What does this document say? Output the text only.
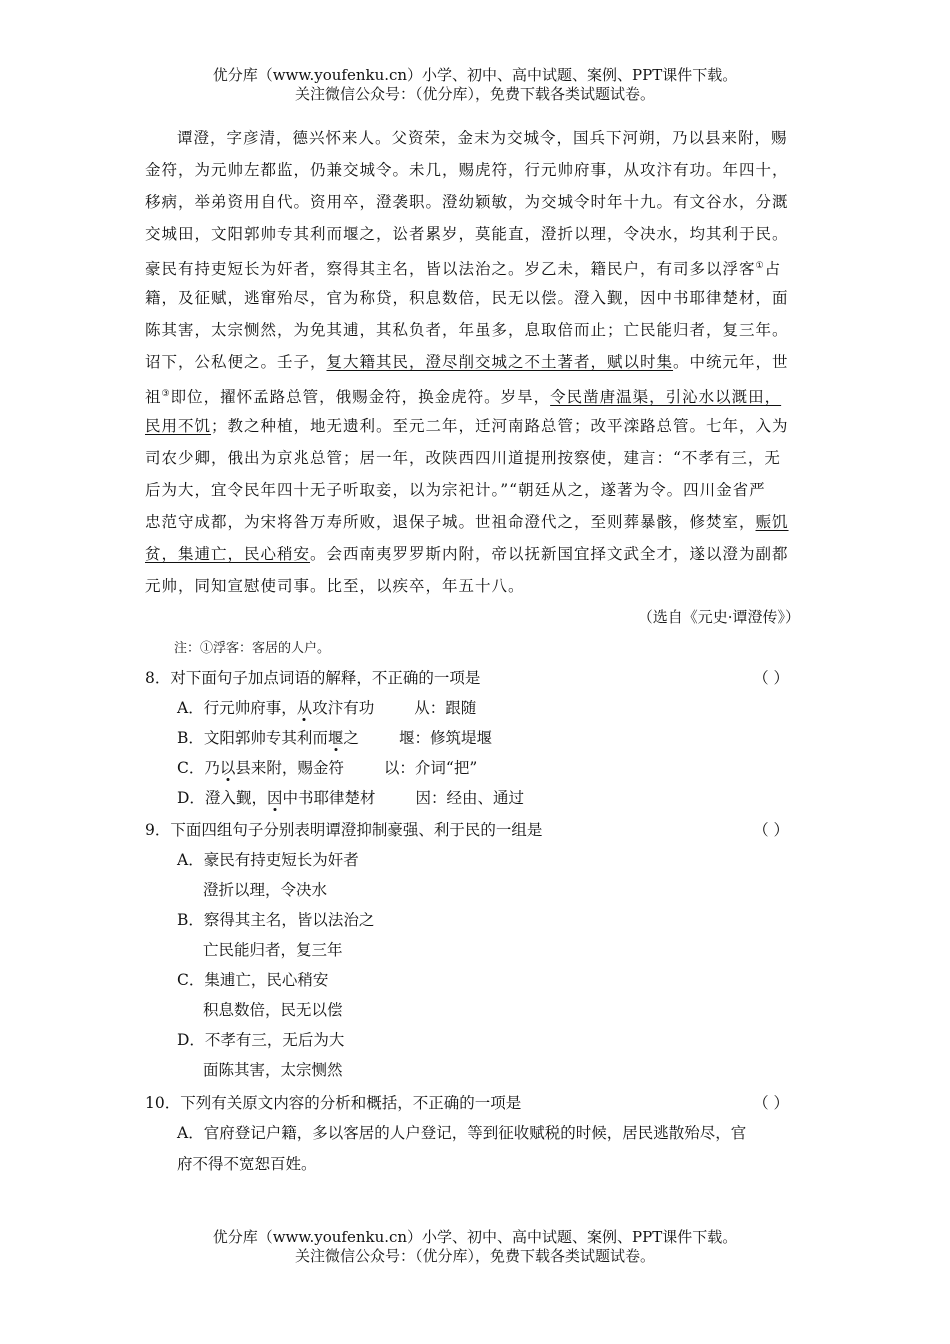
优分库（www.youfenku.cn）小学、初中、高中试题、案例、PPT课件下载。
关注微信公众号：（优分库），免费下载各类试题试卷。
谭澄，字彦清，德兴怀来人。父资荣，金末为交城令，国兵下河朔，乃以县来附，赐
金符，为元帅左都监，仍兼交城令。未几，赐虎符，行元帅府事，从攻汴有功。年四十，
移病，举弟资用自代。资用卒，澄袭职。澄幼颖敏，为交城令时年十九。有文谷水，分溉
交城田，文阳郭帅专其利而堰之，讼者累岁，莫能直，澄折以理，令决水，均其利于民。
豪民有持吏短长为奸者，察得其主名，皆以法治之。岁乙未，籍民户，有司多以浮客①占
籍，及征赋，逃窜殆尽，官为称贷，积息数倍，民无以偿。澄入觐，因中书耶律楚材，面
陈其害，太宗恻然，为免其逋，其私负者，年虽多，息取倍而止；亡民能归者，复三年。
诏下，公私便之。壬子，复大籍其民，澄尽削交城之不土著者，赋以时集。中统元年，世
祖③即位，擢怀孟路总管，俄赐金符，换金虎符。岁旱，令民凿唐温渠，引沁水以溉田，
民用不饥；教之种植，地无遗利。至元二年，迁河南路总管；改平滦路总管。七年，入为
司农少卿，俄出为京兆总管；居一年，改陕西四川道提刑按察使，建言：“不孝有三，无
后为大，宜令民年四十无子听取妾，以为宗祀计。”“朝廷从之，遂著为令。四川金省严
忠范守成都，为宋将昝万寿所败，退保子城。世祖命澄代之，至则葬暴骸，修焚室，赈饥
贫，集逋亡，民心稍安。会西南夷罗罗斯内附，帝以抚新国宜择文武全才，遂以澄为副都
元帅，同知宣慰使司事。比至，以疾卒，年五十八。
（选自《元史·谭澄传》）
注：①浮客：客居的人户。
8．对下面句子加点词语的解释，不正确的一项是	（ ）
A．行元帅府事，从攻汴有功	从：跟随
B．文阳郭帅专其利而堰之	堰：修筑堤堰
C．乃以县来附，赐金符	以：介词“把”
D．澄入觐，因中书耶律楚材	因：经由、通过
9．下面四组句子分别表明谭澄抑制豪强、利于民的一组是	（ ）
A．豪民有持吏短长为奸者
澄折以理，令决水
B．察得其主名，皆以法治之
亡民能归者，复三年
C．集逋亡，民心稍安
积息数倍，民无以偿
D．不孝有三，无后为大
面陈其害，太宗恻然
10．下列有关原文内容的分析和概括，不正确的一项是	（ ）
A．官府登记户籍，多以客居的人户登记，等到征收赋税的时候，居民逃散殆尽，官
府不得不宽恕百姓。
优分库（www.youfenku.cn）小学、初中、高中试题、案例、PPT课件下载。
关注微信公众号：（优分库），免费下载各类试题试卷。
